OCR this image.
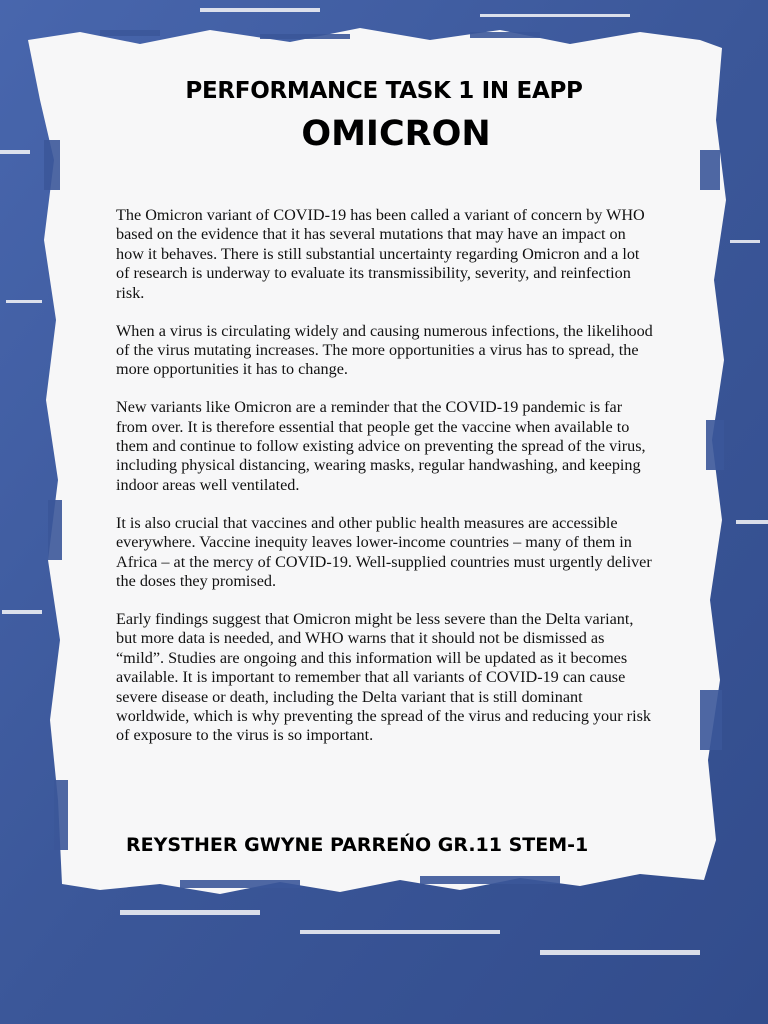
PERFORMANCE TASK 1 IN EAPP
OMICRON

The Omicron variant of COVID-19 has been called a variant of concern by WHO based on the evidence that it has several mutations that may have an impact on how it behaves. There is still substantial uncertainty regarding Omicron and a lot of research is underway to evaluate its transmissibility, severity, and reinfection risk.

When a virus is circulating widely and causing numerous infections, the likelihood of the virus mutating increases. The more opportunities a virus has to spread, the more opportunities it has to change.

New variants like Omicron are a reminder that the COVID-19 pandemic is far from over. It is therefore essential that people get the vaccine when available to them and continue to follow existing advice on preventing the spread of the virus, including physical distancing, wearing masks, regular handwashing, and keeping indoor areas well ventilated.

It is also crucial that vaccines and other public health measures are accessible everywhere. Vaccine inequity leaves lower-income countries – many of them in Africa – at the mercy of COVID-19. Well-supplied countries must urgently deliver the doses they promised.

Early findings suggest that Omicron might be less severe than the Delta variant, but more data is needed, and WHO warns that it should not be dismissed as “mild”. Studies are ongoing and this information will be updated as it becomes available. It is important to remember that all variants of COVID-19 can cause severe disease or death, including the Delta variant that is still dominant worldwide, which is why preventing the spread of the virus and reducing your risk of exposure to the virus is so important.

REYSTHER GWYNE PARREŃO GR.11 STEM-1
